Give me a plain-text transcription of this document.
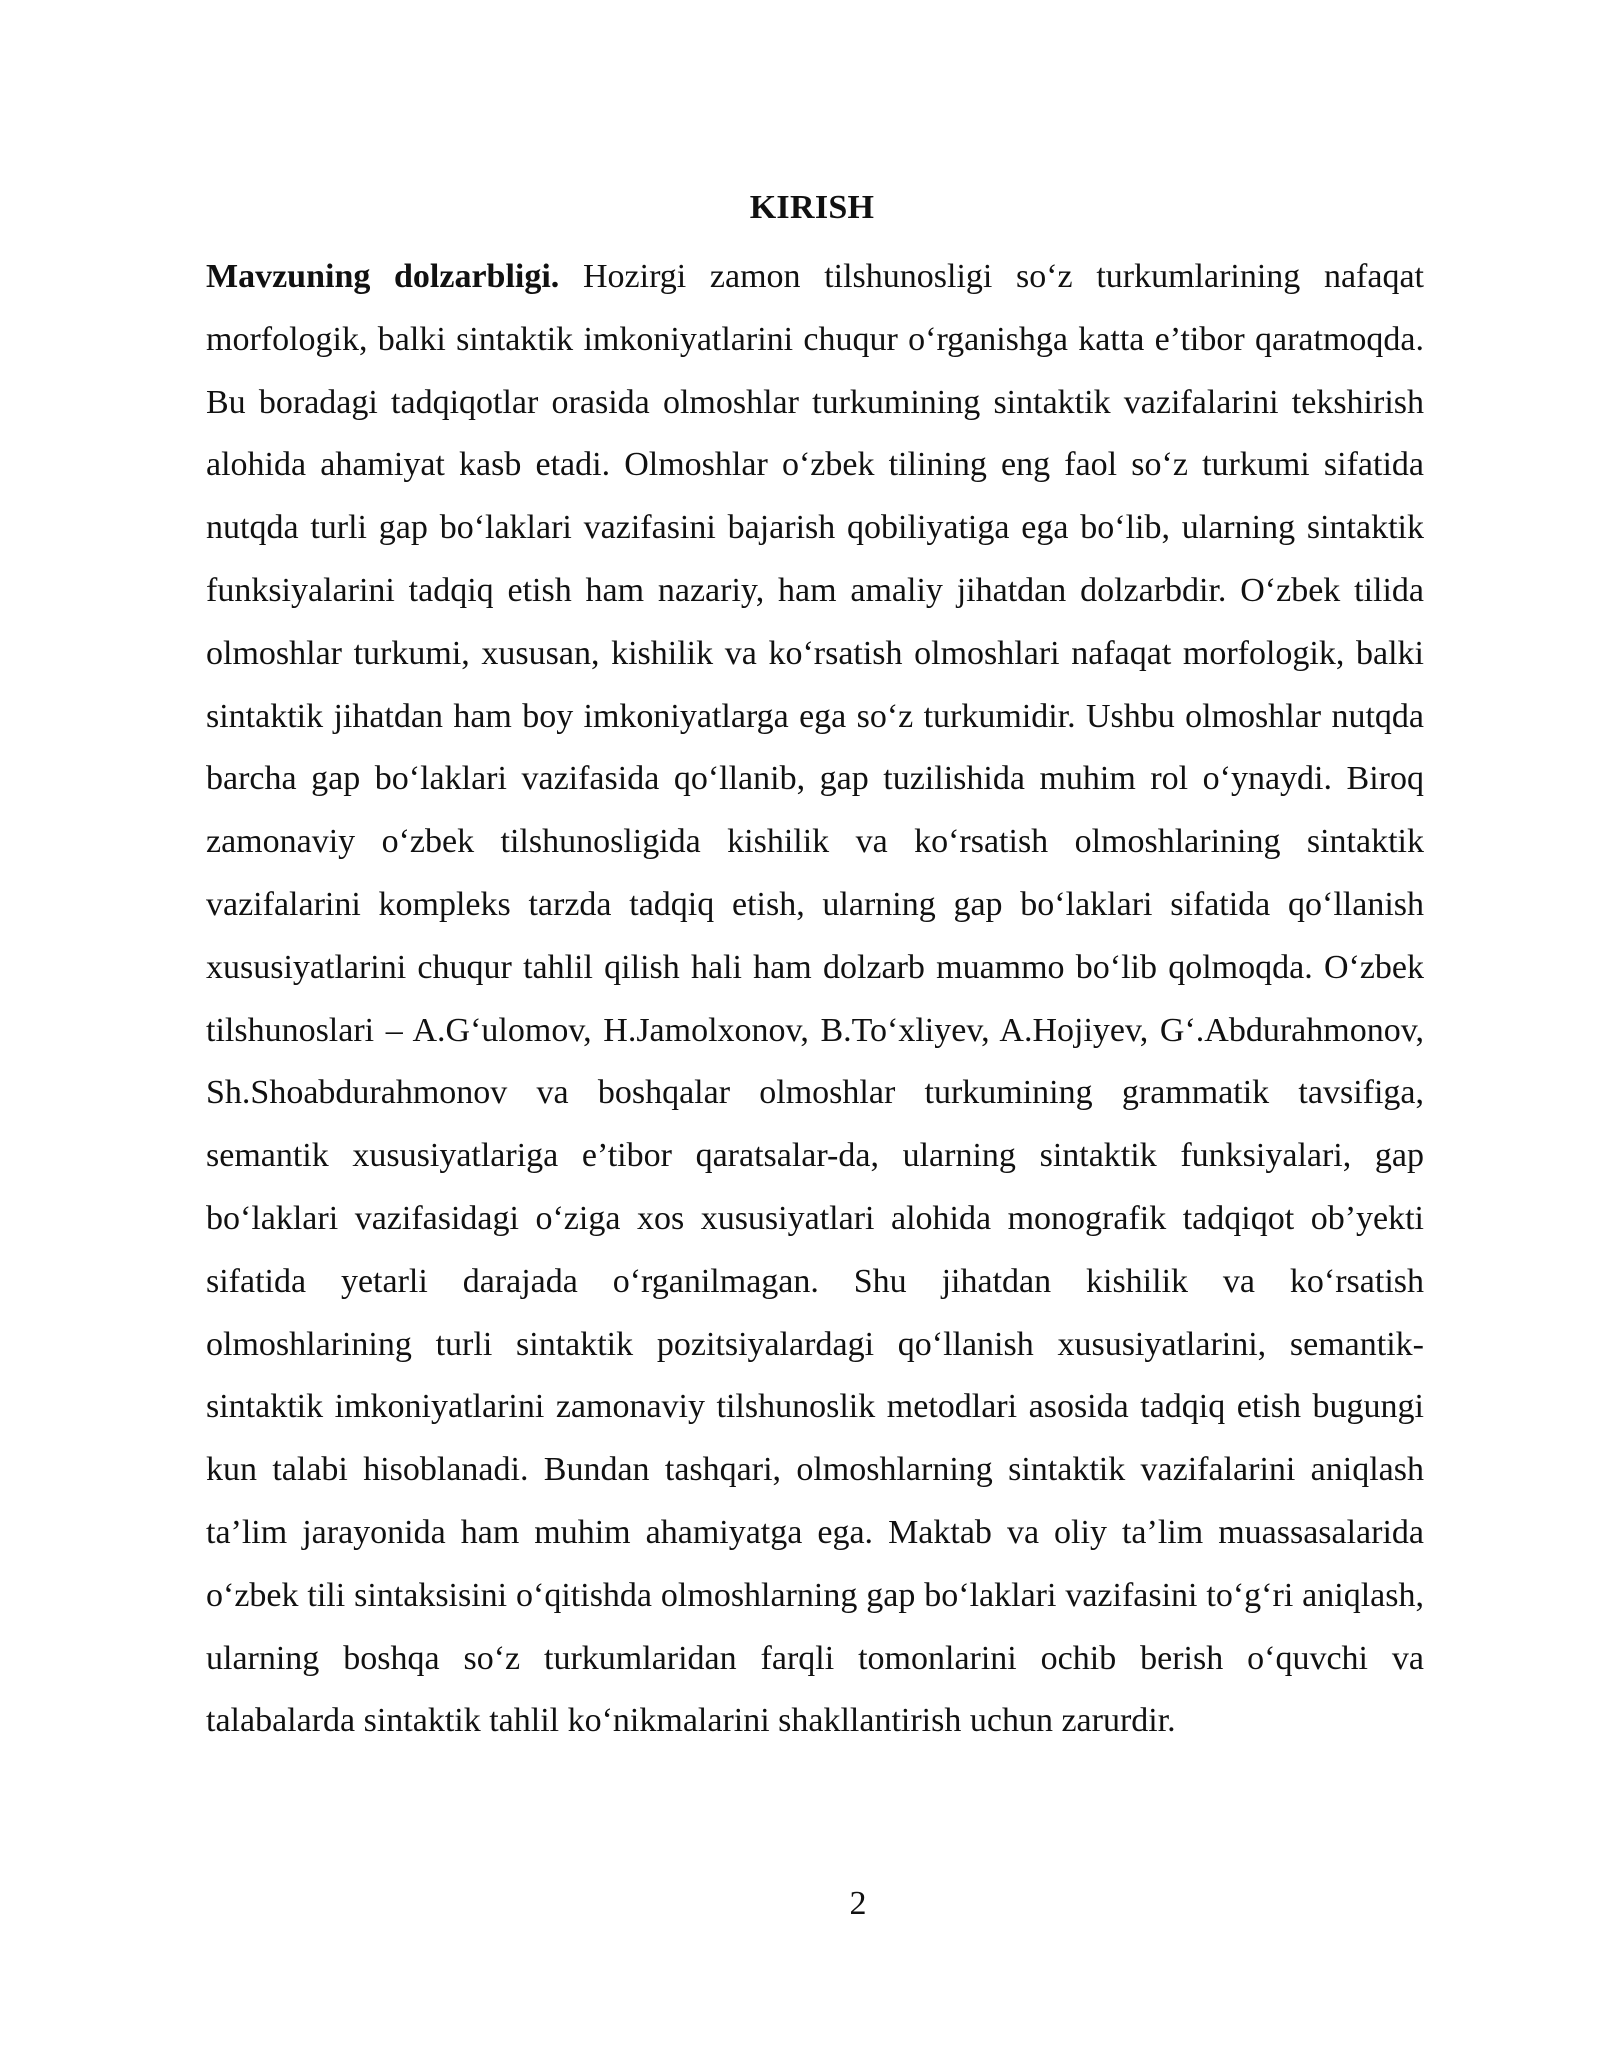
KIRISH

Mavzuning dolzarbligi. Hozirgi zamon tilshunosligi so‘z turkumlarining nafaqat morfologik, balki sintaktik imkoniyatlarini chuqur o‘rganishga katta e’tibor qaratmoqda. Bu boradagi tadqiqotlar orasida olmoshlar turkumining sintaktik vazifalarini tekshirish alohida ahamiyat kasb etadi. Olmoshlar o‘zbek tilining eng faol so‘z turkumi sifatida nutqda turli gap bo‘laklari vazifasini bajarish qobiliyatiga ega bo‘lib, ularning sintaktik funksiyalarini tadqiq etish ham nazariy, ham amaliy jihatdan dolzarbdir. O‘zbek tilida olmoshlar turkumi, xususan, kishilik va ko‘rsatish olmoshlari nafaqat morfologik, balki sintaktik jihatdan ham boy imkoniyatlarga ega so‘z turkumidir. Ushbu olmoshlar nutqda barcha gap bo‘laklari vazifasida qo‘llanib, gap tuzilishida muhim rol o‘ynaydi. Biroq zamonaviy o‘zbek tilshunosligida kishilik va ko‘rsatish olmoshlarining sintaktik vazifalarini kompleks tarzda tadqiq etish, ularning gap bo‘laklari sifatida qo‘llanish xususiyatlarini chuqur tahlil qilish hali ham dolzarb muammo bo‘lib qolmoqda. O‘zbek tilshunoslari – A.G‘ulomov, H.Jamolxonov, B.To‘xliyev, A.Hojiyev, G‘.Abdurahmonov, Sh.Shoabdurahmonov va boshqalar olmoshlar turkumining grammatik tavsifiga, semantik xususiyatlariga e’tibor qaratsalar-da, ularning sintaktik funksiyalari, gap bo‘laklari vazifasidagi o‘ziga xos xususiyatlari alohida monografik tadqiqot ob’yekti sifatida yetarli darajada o‘rganilmagan. Shu jihatdan kishilik va ko‘rsatish olmoshlarining turli sintaktik pozitsiyalardagi qo‘llanish xususiyatlarini, semantik-sintaktik imkoniyatlarini zamonaviy tilshunoslik metodlari asosida tadqiq etish bugungi kun talabi hisoblanadi. Bundan tashqari, olmoshlarning sintaktik vazifalarini aniqlash ta’lim jarayonida ham muhim ahamiyatga ega. Maktab va oliy ta’lim muassasalarida o‘zbek tili sintaksisini o‘qitishda olmoshlarning gap bo‘laklari vazifasini to‘g‘ri aniqlash, ularning boshqa so‘z turkumlaridan farqli tomonlarini ochib berish o‘quvchi va talabalarda sintaktik tahlil ko‘nikmalarini shakllantirish uchun zarurdir.

2
